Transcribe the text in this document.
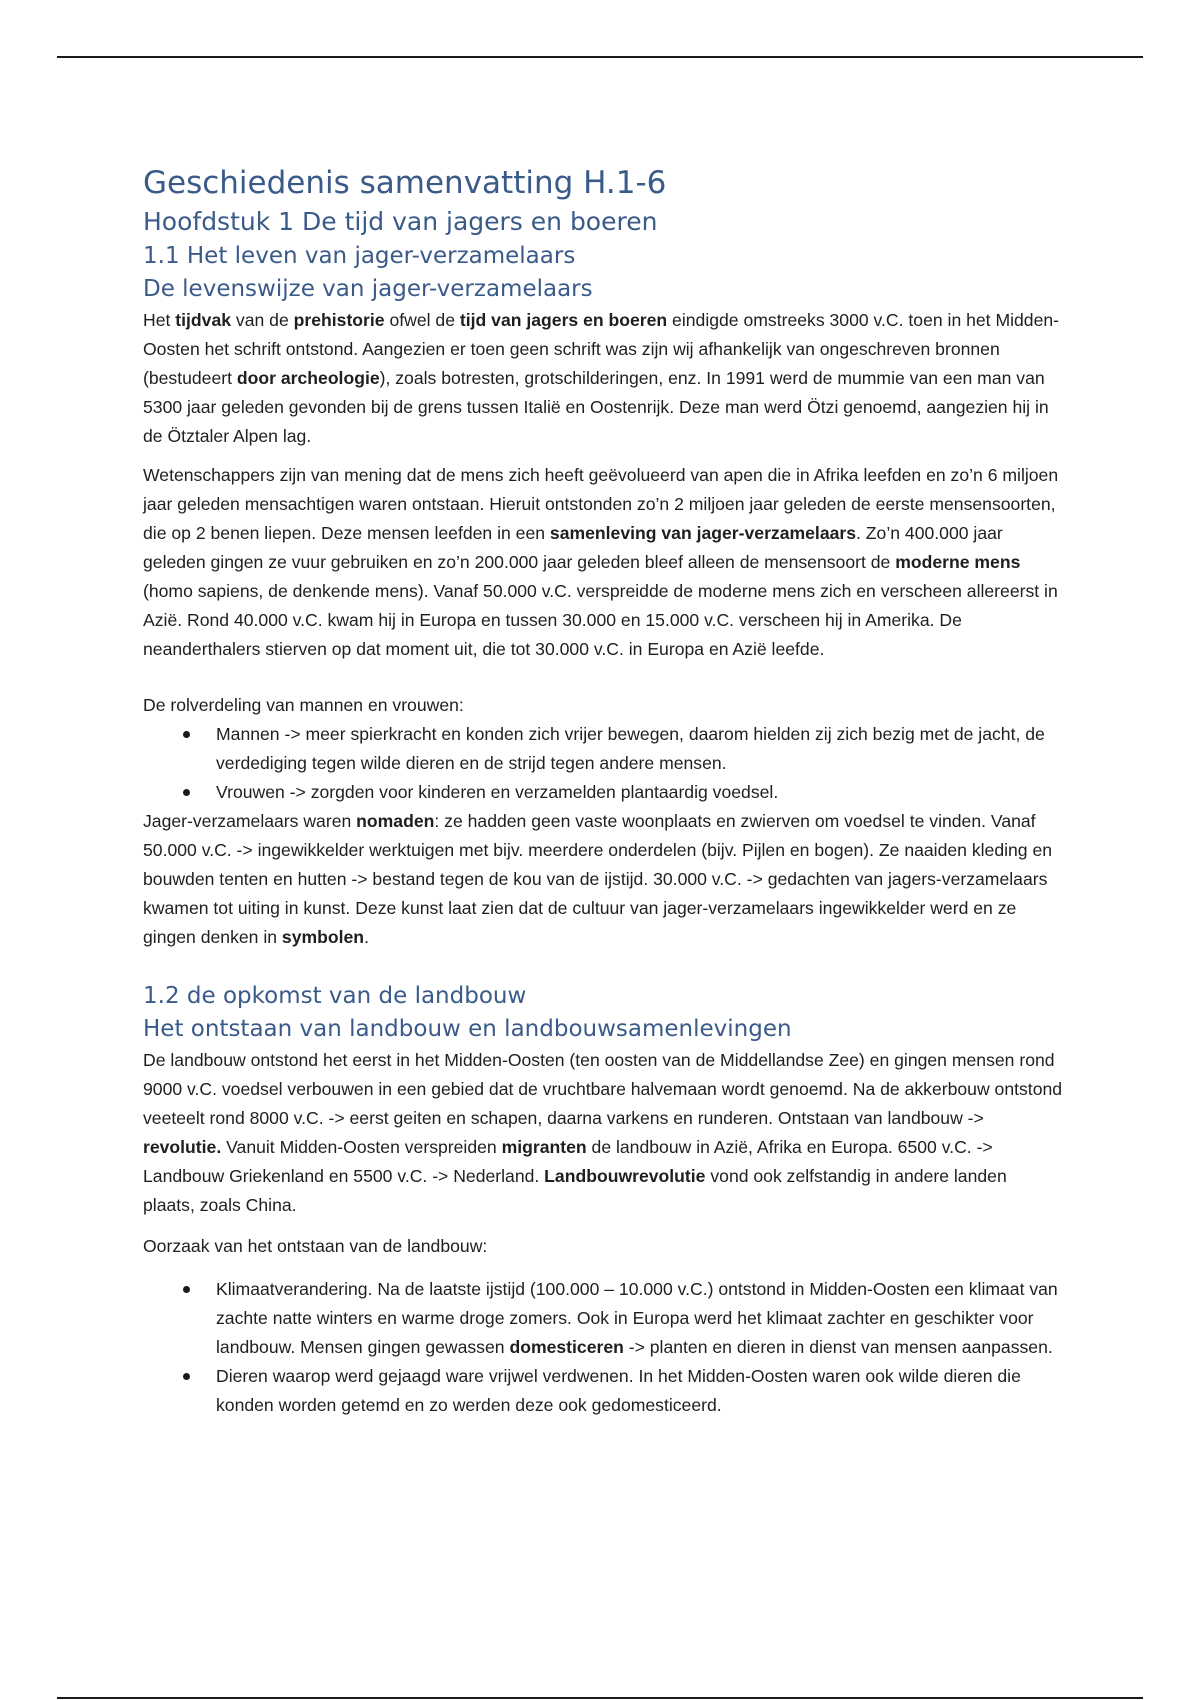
Geschiedenis samenvatting H.1-6
Hoofdstuk 1 De tijd van jagers en boeren
1.1 Het leven van jager-verzamelaars
De levenswijze van jager-verzamelaars

Het tijdvak van de prehistorie ofwel de tijd van jagers en boeren eindigde omstreeks 3000 v.C. toen in het Midden-Oosten het schrift ontstond. Aangezien er toen geen schrift was zijn wij afhankelijk van ongeschreven bronnen (bestudeert door archeologie), zoals botresten, grotschilderingen, enz. In 1991 werd de mummie van een man van 5300 jaar geleden gevonden bij de grens tussen Italië en Oostenrijk. Deze man werd Ötzi genoemd, aangezien hij in de Ötztaler Alpen lag.

Wetenschappers zijn van mening dat de mens zich heeft geëvolueerd van apen die in Afrika leefden en zo’n 6 miljoen jaar geleden mensachtigen waren ontstaan. Hieruit ontstonden zo’n 2 miljoen jaar geleden de eerste mensensoorten, die op 2 benen liepen. Deze mensen leefden in een samenleving van jager-verzamelaars. Zo’n 400.000 jaar geleden gingen ze vuur gebruiken en zo’n 200.000 jaar geleden bleef alleen de mensensoort de moderne mens (homo sapiens, de denkende mens). Vanaf 50.000 v.C. verspreidde de moderne mens zich en verscheen allereerst in Azië. Rond 40.000 v.C. kwam hij in Europa en tussen 30.000 en 15.000 v.C. verscheen hij in Amerika. De neanderthalers stierven op dat moment uit, die tot 30.000 v.C. in Europa en Azië leefde.

De rolverdeling van mannen en vrouwen:

Mannen -> meer spierkracht en konden zich vrijer bewegen, daarom hielden zij zich bezig met de jacht, de verdediging tegen wilde dieren en de strijd tegen andere mensen.
Vrouwen -> zorgden voor kinderen en verzamelden plantaardig voedsel.

Jager-verzamelaars waren nomaden: ze hadden geen vaste woonplaats en zwierven om voedsel te vinden. Vanaf 50.000 v.C. -> ingewikkelder werktuigen met bijv. meerdere onderdelen (bijv. Pijlen en bogen). Ze naaiden kleding en bouwden tenten en hutten -> bestand tegen de kou van de ijstijd. 30.000 v.C. -> gedachten van jagers-verzamelaars kwamen tot uiting in kunst. Deze kunst laat zien dat de cultuur van jager-verzamelaars ingewikkelder werd en ze gingen denken in symbolen.

1.2 de opkomst van de landbouw
Het ontstaan van landbouw en landbouwsamenlevingen

De landbouw ontstond het eerst in het Midden-Oosten (ten oosten van de Middellandse Zee) en gingen mensen rond 9000 v.C. voedsel verbouwen in een gebied dat de vruchtbare halvemaan wordt genoemd. Na de akkerbouw ontstond veeteelt rond 8000 v.C. -> eerst geiten en schapen, daarna varkens en runderen. Ontstaan van landbouw -> revolutie. Vanuit Midden-Oosten verspreiden migranten de landbouw in Azië, Afrika en Europa. 6500 v.C. -> Landbouw Griekenland en 5500 v.C. -> Nederland. Landbouwrevolutie vond ook zelfstandig in andere landen plaats, zoals China.

Oorzaak van het ontstaan van de landbouw:

Klimaatverandering. Na de laatste ijstijd (100.000 – 10.000 v.C.) ontstond in Midden-Oosten een klimaat van zachte natte winters en warme droge zomers. Ook in Europa werd het klimaat zachter en geschikter voor landbouw. Mensen gingen gewassen domesticeren -> planten en dieren in dienst van mensen aanpassen.
Dieren waarop werd gejaagd ware vrijwel verdwenen. In het Midden-Oosten waren ook wilde dieren die konden worden getemd en zo werden deze ook gedomesticeerd.
